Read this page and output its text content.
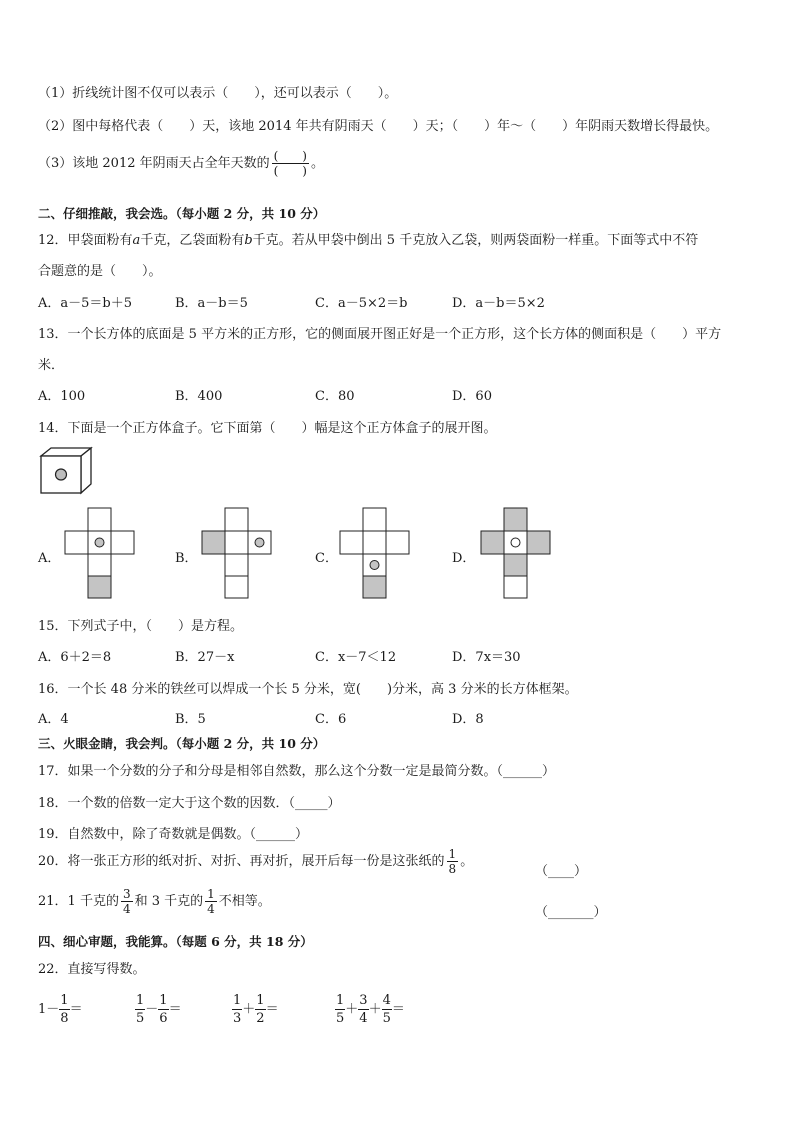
（1）折线统计图不仅可以表示（　　），还可以表示（　　）。
（2）图中每格代表（　　）天，该地 2014 年共有阴雨天（　　）天；（　　）年～（　　）年阴雨天数增长得最快。
（3）该地 2012 年阴雨天占全年天数的 $\frac{( )}{( )}$ 。
二、仔细推敲，我会选。（每小题 2 分，共 10 分）
12．甲袋面粉有a千克，乙袋面粉有b千克。若从甲袋中倒出 5 千克放入乙袋，则两袋面粉一样重。下面等式中不符
合题意的是（　　）。
A．a－5＝b＋5	B．a－b＝5	C．a－5×2＝b	D．a－b＝5×2
13．一个长方体的底面是 5 平方米的正方形，它的侧面展开图正好是一个正方形，这个长方体的侧面积是（　　）平方
米．
A．100	B．400	C．80	D．60
14．下面是一个正方体盒子。它下面第（　　）幅是这个正方体盒子的展开图。
A．	B．	C．	D．
15．下列式子中，（　　）是方程。
A．6＋2＝8	B．27－x	C．x－7＜12	D．7x＝30
16．一个长 48 分米的铁丝可以焊成一个长 5 分米，宽(　　)分米，高 3 分米的长方体框架。
A．4	B．5	C．6	D．8
三、火眼金睛，我会判。（每小题 2 分，共 10 分）
17．如果一个分数的分子和分母是相邻自然数，那么这个分数一定是最简分数。（______）
18．一个数的倍数一定大于这个数的因数．（_____）
19．自然数中，除了奇数就是偶数。（______）
20．将一张正方形的纸对折、对折、再对折，展开后每一份是这张纸的 $\frac{1}{8}$ 。
（____）
21．1 千克的 $\frac{3}{4}$ 和 3 千克的 $\frac{1}{4}$ 不相等。
（_______）
四、细心审题，我能算。（每题 6 分，共 18 分）
22．直接写得数。
$1- \frac{1}{8}$ ＝	$\frac{1}{5} - \frac{1}{6}$ ＝	$\frac{1}{3} + \frac{1}{2}$ ＝	$\frac{1}{5} + \frac{3}{4} + \frac{4}{5}$ ＝
